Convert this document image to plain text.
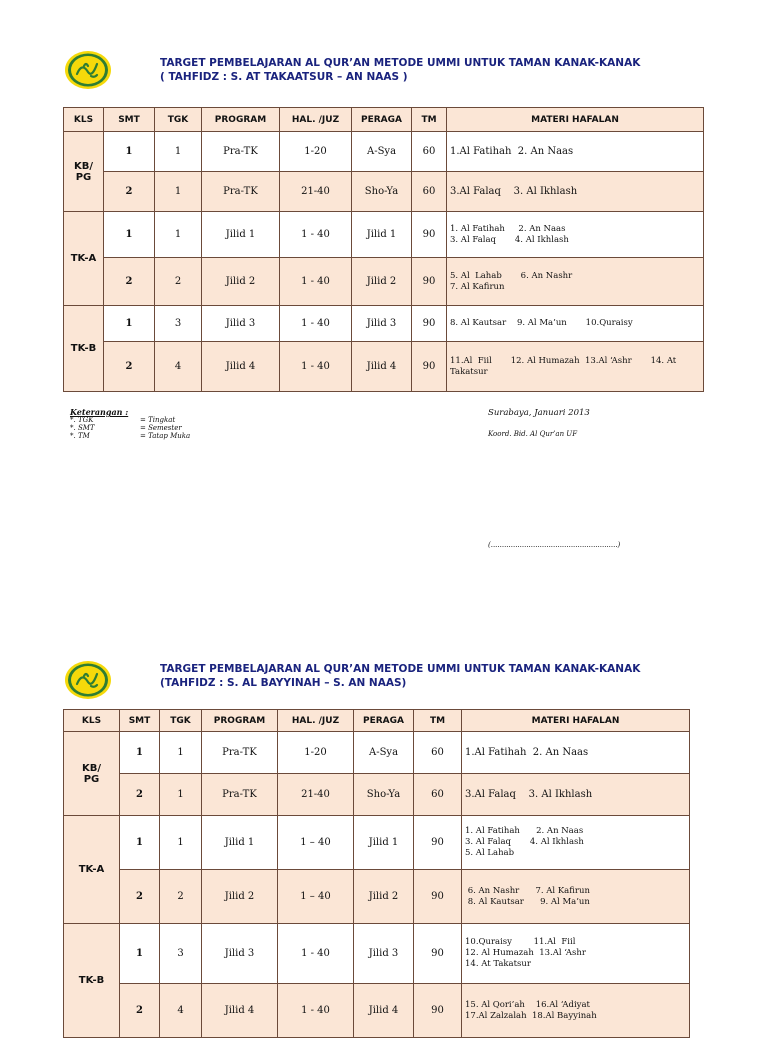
TARGET PEMBELAJARAN AL QUR’AN METODE UMMI UNTUK TAMAN KANAK-KANAK
( TAHFIDZ : S. AT TAKAATSUR – AN NAAS )
KLS	SMT	TGK	PROGRAM	HAL. /JUZ	PERAGA	TM	MATERI HAFALAN
KB/
PG	1	1	Pra-TK	1-20	A-Sya	60	1.Al Fatihah  2. An Naas
	2	1	Pra-TK	21-40	Sho-Ya	60	3.Al Falaq    3. Al Ikhlash
TK-A	1	1	Jilid 1	1 - 40	Jilid 1	90	1. Al Fatihah     2. An Naas
3. Al Falaq       4. Al Ikhlash
	2	2	Jilid 2	1 - 40	Jilid 2	90	5. Al  Lahab       6. An Nashr
7. Al Kafirun
TK-B	1	3	Jilid 3	1 - 40	Jilid 3	90	8. Al Kautsar    9. Al Ma’un       10.Quraisy
	2	4	Jilid 4	1 - 40	Jilid 4	90	11.Al  Fiil       12. Al Humazah  13.Al ‘Ashr       14. At
Takatsur
Keterangan :
*. TGK	= Tingkat
*. SMT	= Semester
*. TM	= Tatap Muka
Surabaya, Januari 2013
Koord. Bid. Al Qur’an UF
(.........................................................)
TARGET PEMBELAJARAN AL QUR’AN METODE UMMI UNTUK TAMAN KANAK-KANAK
(TAHFIDZ : S. AL BAYYINAH – S. AN NAAS)
KLS	SMT	TGK	PROGRAM	HAL. /JUZ	PERAGA	TM	MATERI HAFALAN
KB/
PG	1	1	Pra-TK	1-20	A-Sya	60	1.Al Fatihah  2. An Naas
	2	1	Pra-TK	21-40	Sho-Ya	60	3.Al Falaq    3. Al Ikhlash
TK-A	1	1	Jilid 1	1 – 40	Jilid 1	90	1. Al Fatihah      2. An Naas
3. Al Falaq       4. Al Ikhlash
5. Al Lahab
	2	2	Jilid 2	1 – 40	Jilid 2	90	6. An Nashr      7. Al Kafirun
8. Al Kautsar      9. Al Ma’un
TK-B	1	3	Jilid 3	1 - 40	Jilid 3	90	10.Quraisy        11.Al  Fiil
12. Al Humazah  13.Al ‘Ashr
14. At Takatsur
	2	4	Jilid 4	1 - 40	Jilid 4	90	15. Al Qori’ah    16.Al ‘Adiyat
17.Al Zalzalah  18.Al Bayyinah
